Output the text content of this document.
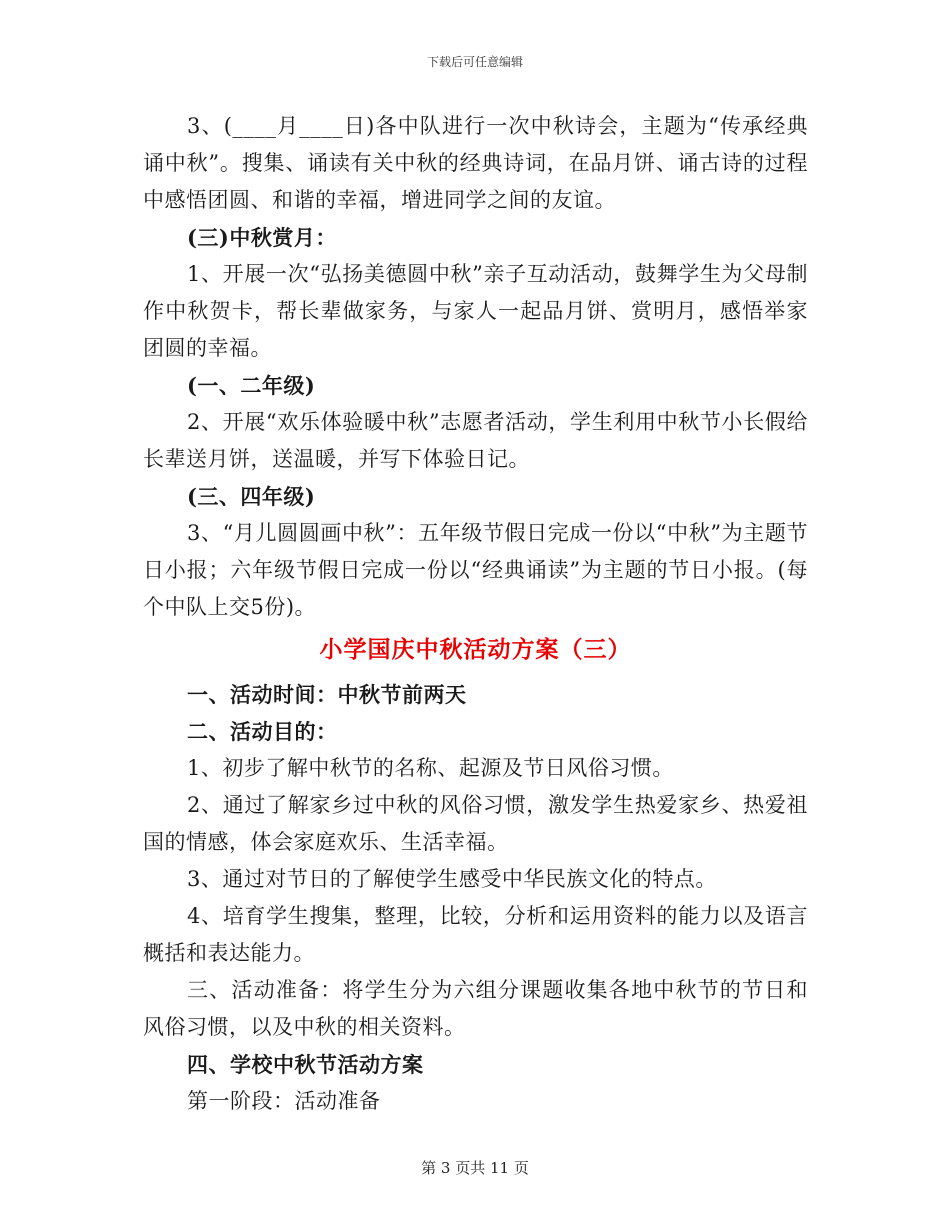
下载后可任意编辑

3、(____月____日)各中队进行一次中秋诗会，主题为“传承经典诵中秋”。搜集、诵读有关中秋的经典诗词，在品月饼、诵古诗的过程中感悟团圆、和谐的幸福，增进同学之间的友谊。

(三)中秋赏月：

1、开展一次“弘扬美德圆中秋”亲子互动活动，鼓舞学生为父母制作中秋贺卡，帮长辈做家务，与家人一起品月饼、赏明月，感悟举家团圆的幸福。

(一、二年级)

2、开展“欢乐体验暖中秋”志愿者活动，学生利用中秋节小长假给长辈送月饼，送温暖，并写下体验日记。

(三、四年级)

3、“月儿圆圆画中秋”：五年级节假日完成一份以“中秋”为主题节日小报；六年级节假日完成一份以“经典诵读”为主题的节日小报。(每个中队上交5份)。

小学国庆中秋活动方案（三）

一、活动时间：中秋节前两天

二、活动目的：

1、初步了解中秋节的名称、起源及节日风俗习惯。

2、通过了解家乡过中秋的风俗习惯，激发学生热爱家乡、热爱祖国的情感，体会家庭欢乐、生活幸福。

3、通过对节日的了解使学生感受中华民族文化的特点。

4、培育学生搜集，整理，比较，分析和运用资料的能力以及语言概括和表达能力。

三、活动准备：将学生分为六组分课题收集各地中秋节的节日和风俗习惯，以及中秋的相关资料。

四、学校中秋节活动方案

第一阶段：活动准备

第 3 页共 11 页
